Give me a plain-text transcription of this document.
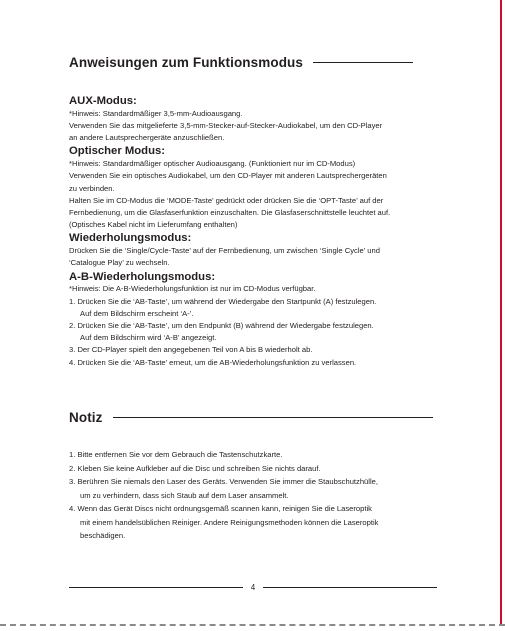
Anweisungen zum Funktionsmodus

AUX-Modus:

*Hinweis: Standardmäßiger 3,5-mm-Audioausgang.

Verwenden Sie das mitgelieferte 3,5-mm-Stecker-auf-Stecker-Audiokabel, um den CD-Player

an andere Lautsprechergeräte anzuschließen.

Optischer Modus:

*Hinweis: Standardmäßiger optischer Audioausgang. (Funktioniert nur im CD-Modus)

Verwenden Sie ein optisches Audiokabel, um den CD-Player mit anderen Lautsprechergeräten

zu verbinden.

Halten Sie im CD-Modus die ‘MODE-Taste’ gedrückt oder drücken Sie die ‘OPT-Taste’ auf der

Fernbedienung, um die Glasfaserfunktion einzuschalten. Die Glasfaserschnittstelle leuchtet auf.

(Optisches Kabel nicht im Lieferumfang enthalten)

Wiederholungsmodus:

Drücken Sie die ‘Single/Cycle-Taste’ auf der Fernbedienung, um zwischen ‘Single Cycle’ und

‘Catalogue Play’ zu wechseln.

A-B-Wiederholungsmodus:

*Hinweis: Die A-B-Wiederholungsfunktion ist nur im CD-Modus verfügbar.

1. Drücken Sie die ‘AB-Taste’, um während der Wiedergabe den Startpunkt (A) festzulegen.

Auf dem Bildschirm erscheint ‘A-’.

2. Drücken Sie die ‘AB-Taste’, um den Endpunkt (B) während der Wiedergabe festzulegen.

Auf dem Bildschirm wird ‘A-B’ angezeigt.

3. Der CD-Player spielt den angegebenen Teil von A bis B wiederholt ab.

4. Drücken Sie die ‘AB-Taste’ erneut, um die AB-Wiederholungsfunktion zu verlassen.

Notiz

1. Bitte entfernen Sie vor dem Gebrauch die Tastenschutzkarte.

2. Kleben Sie keine Aufkleber auf die Disc und schreiben Sie nichts darauf.

3. Berühren Sie niemals den Laser des Geräts. Verwenden Sie immer die Staubschutzhülle,

um zu verhindern, dass sich Staub auf dem Laser ansammelt.

4. Wenn das Gerät Discs nicht ordnungsgemäß scannen kann, reinigen Sie die Laseroptik

mit einem handelsüblichen Reiniger. Andere Reinigungsmethoden können die Laseroptik

beschädigen.

4
